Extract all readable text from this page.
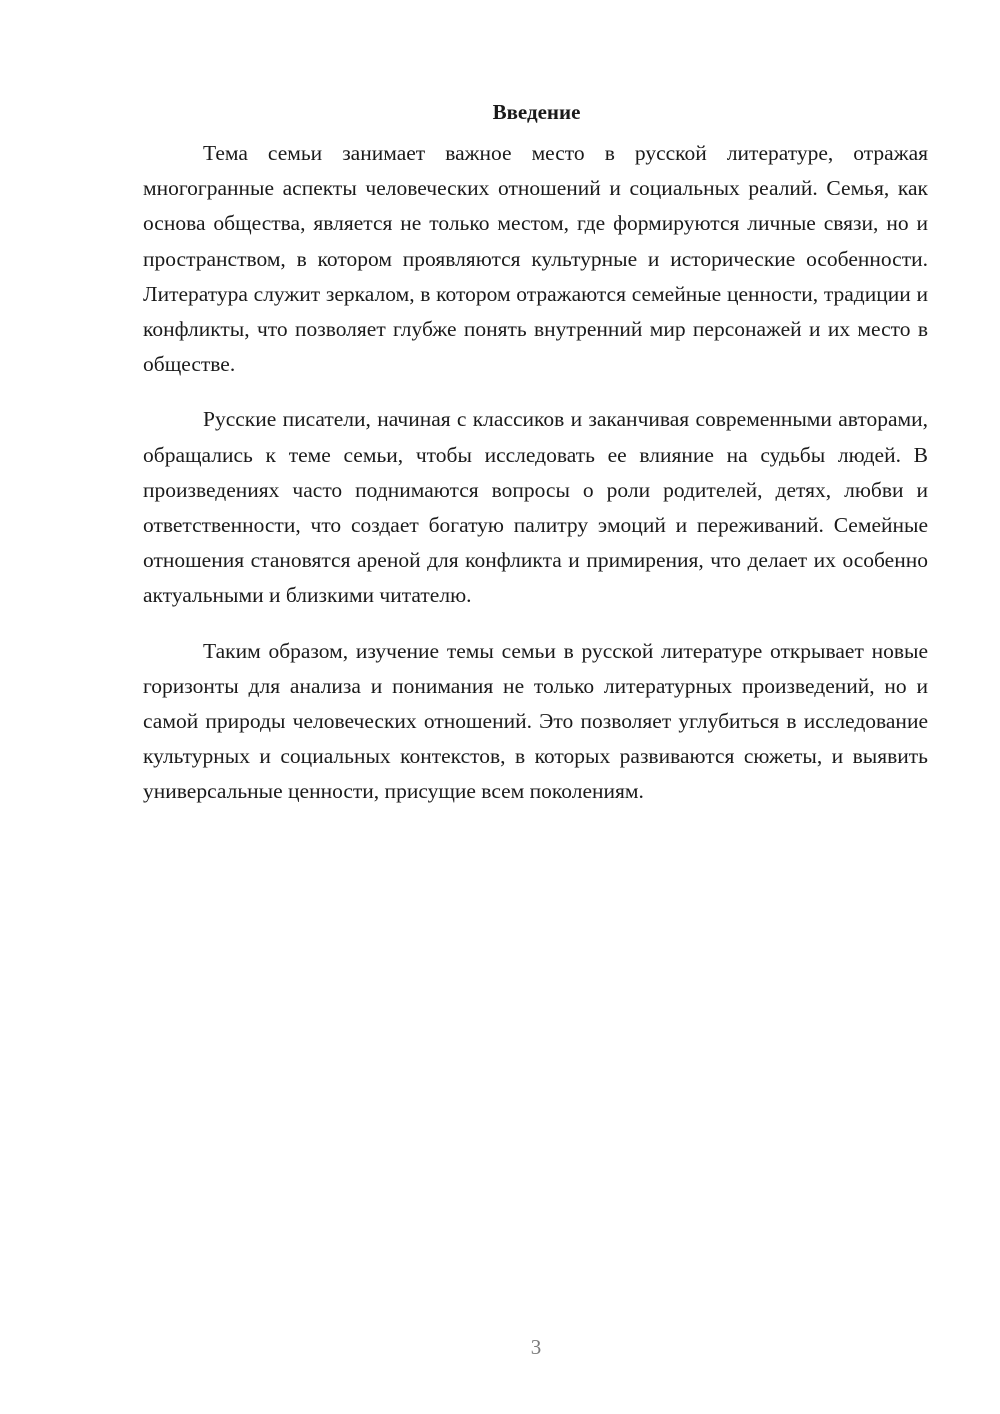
Введение

Тема семьи занимает важное место в русской литературе, отражая многогранные аспекты человеческих отношений и социальных реалий. Семья, как основа общества, является не только местом, где формируются личные связи, но и пространством, в котором проявляются культурные и исторические особенности. Литература служит зеркалом, в котором отражаются семейные ценности, традиции и конфликты, что позволяет глубже понять внутренний мир персонажей и их место в обществе.

Русские писатели, начиная с классиков и заканчивая современными авторами, обращались к теме семьи, чтобы исследовать ее влияние на судьбы людей. В произведениях часто поднимаются вопросы о роли родителей, детях, любви и ответственности, что создает богатую палитру эмоций и переживаний. Семейные отношения становятся ареной для конфликта и примирения, что делает их особенно актуальными и близкими читателю.

Таким образом, изучение темы семьи в русской литературе открывает новые горизонты для анализа и понимания не только литературных произведений, но и самой природы человеческих отношений. Это позволяет углубиться в исследование культурных и социальных контекстов, в которых развиваются сюжеты, и выявить универсальные ценности, присущие всем поколениям.

3
